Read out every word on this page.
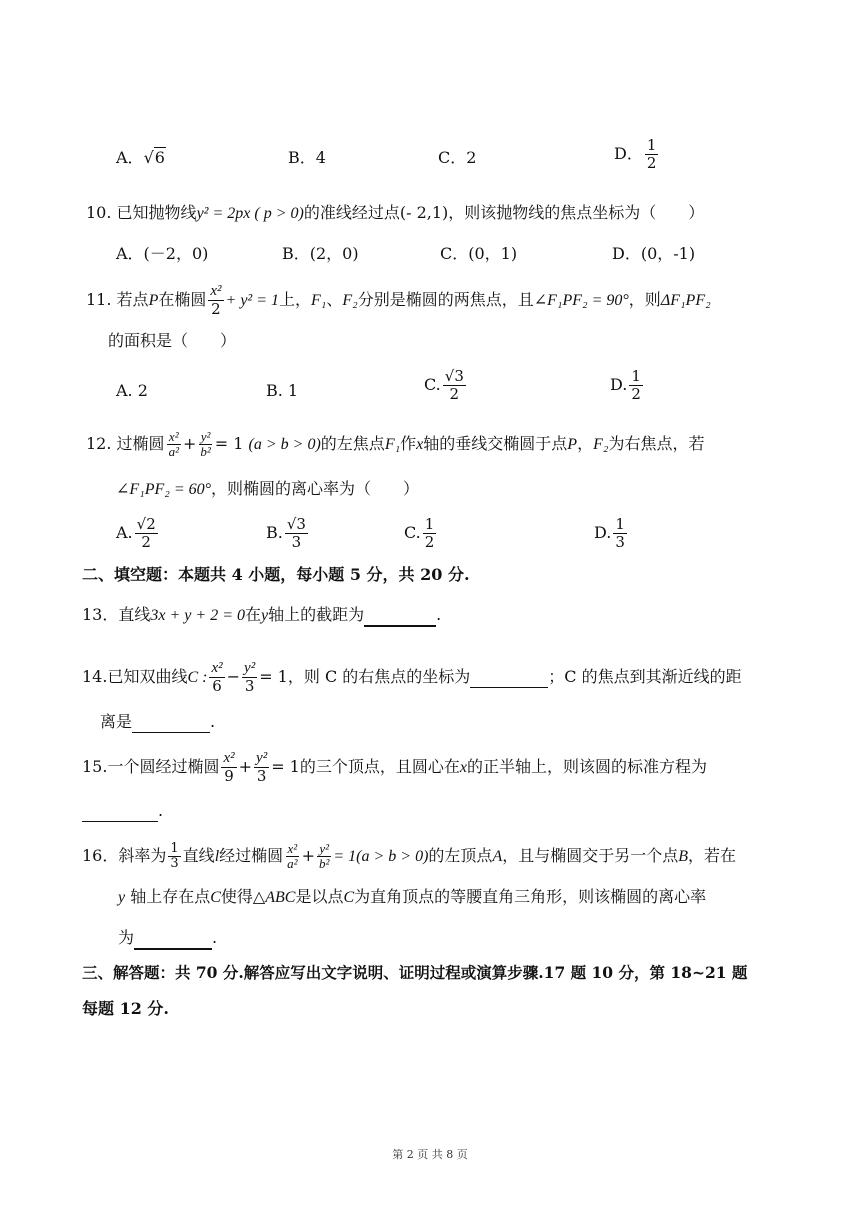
A．√6	B．4	C．2	D． $\frac{1}{2}$
10. 已知抛物线y² = 2px ( p > 0)的准线经过点(- 2,1)，则该抛物线的焦点坐标为（　　）
A．(－2，0)	B．(2，0)	C．(0，1)	D．(0，-1)
11. 若点P在椭圆 $\frac{\text{x²}}{2} + y^2 = 1$上，F₁、F₂分别是椭圆的两焦点，且∠F₁PF₂ = 90°，则ΔF₁PF₂
的面积是（　　）
A. 2	B. 1	C. $\frac{√3}{2}$	D. $\frac{1}{2}$
12. 过椭圆 $\frac{\text{x²}}{\text{a²}} + \frac{\text{y²}}{\text{b²}} = 1$ (a > b > 0)的左焦点F₁作x轴的垂线交椭圆于点P，F₂为右焦点，若
∠F₁PF₂ = 60°，则椭圆的离心率为（　　）
A. $\frac{√2}{2}$	B. $\frac{√3}{3}$	C. $\frac{1}{2}$	D. $\frac{1}{3}$
二、填空题：本题共 4 小题，每小题 5 分，共 20 分.
13．直线3x + y + 2 = 0在y轴上的截距为	.
14.已知双曲线C : $\frac{\text{x²}}{6} - \frac{\text{y²}}{3} = 1$，则 C 的右焦点的坐标为	；C 的焦点到其渐近线的距
离是	.
15.一个圆经过椭圆 $\frac{\text{x²}}{9} + \frac{\text{y²}}{3} = 1$的三个顶点，且圆心在x的正半轴上，则该圆的标准方程为
.
16．斜率为 $\frac{1}{3}$ 直线l经过椭圆 $\frac{\text{x²}}{\text{a²}} + \frac{\text{y²}}{\text{b²}} = 1(a > b > 0)$的左顶点A，且与椭圆交于另一个点B，若在
y 轴上存在点C使得△ABC是以点C为直角顶点的等腰直角三角形，则该椭圆的离心率
为	.
三、解答题：共 70 分.解答应写出文字说明、证明过程或演算步骤.17 题 10 分，第 18~21 题
每题 12 分.
第 2 页 共 8 页
